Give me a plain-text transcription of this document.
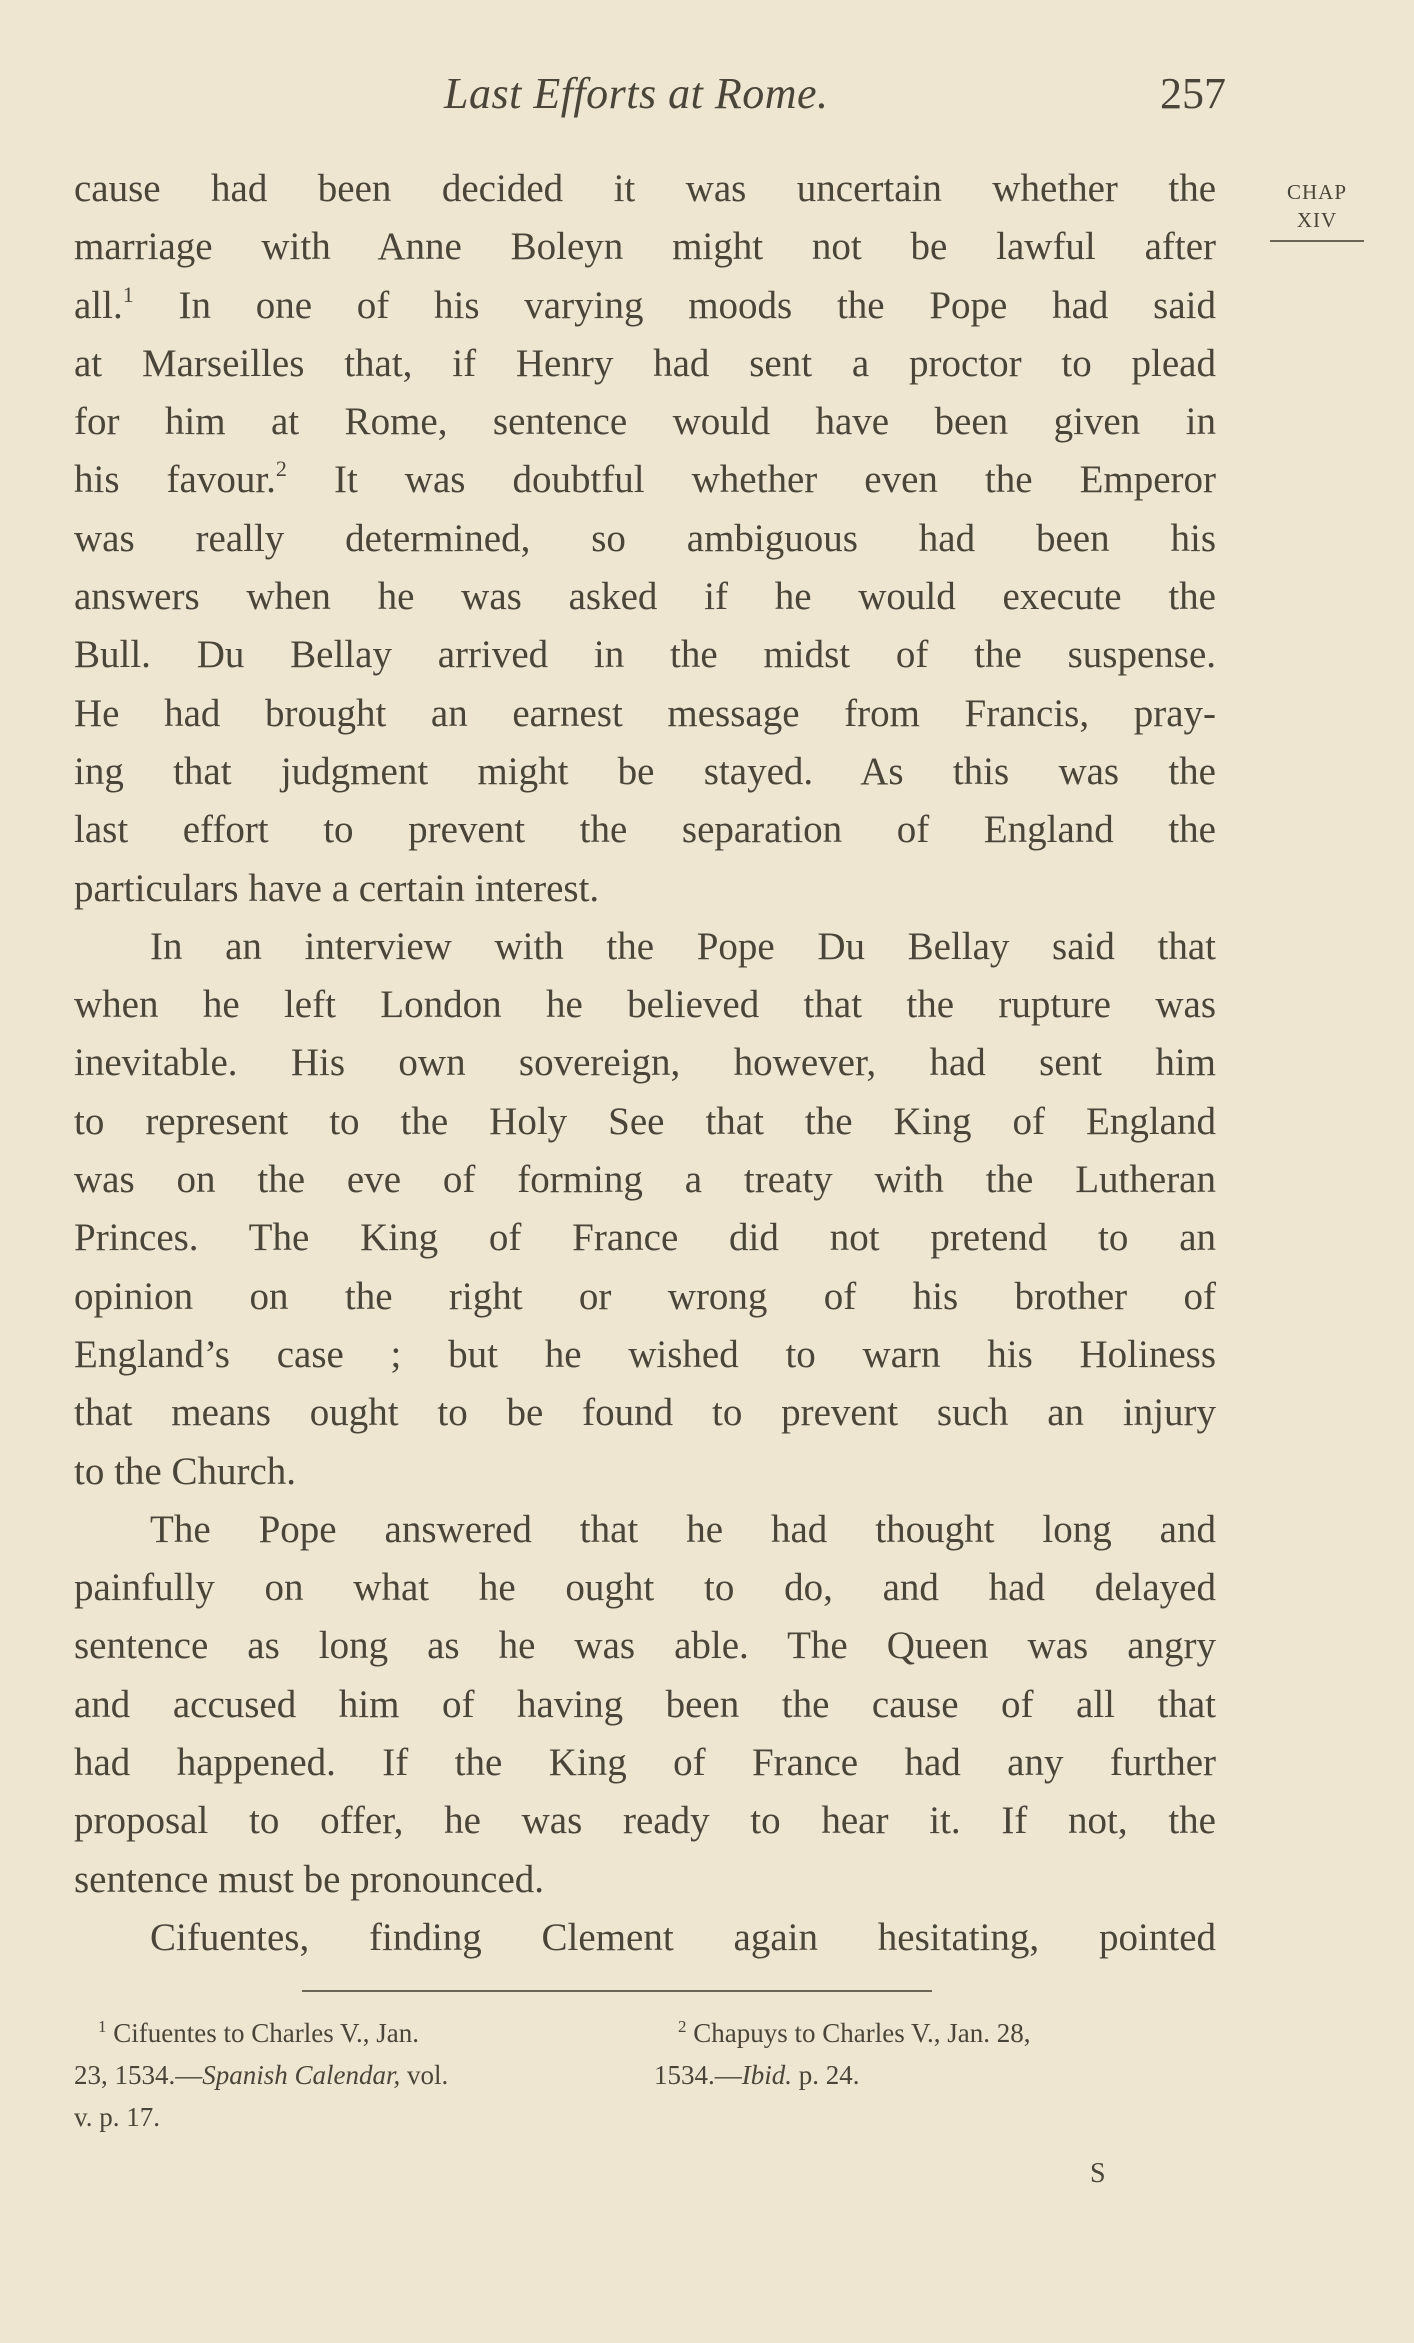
Last Efforts at Rome.	257
CHAP
XIV

cause had been decided it was uncertain whether the
marriage with Anne Boleyn might not be lawful after
all.$^1$ In one of his varying moods the Pope had said
at Marseilles that, if Henry had sent a proctor to plead
for him at Rome, sentence would have been given in
his favour.$^2$ It was doubtful whether even the Emperor
was really determined, so ambiguous had been his
answers when he was asked if he would execute the
Bull. Du Bellay arrived in the midst of the suspense.
He had brought an earnest message from Francis, pray-
ing that judgment might be stayed. As this was the
last effort to prevent the separation of England the
particulars have a certain interest.

In an interview with the Pope Du Bellay said that
when he left London he believed that the rupture was
inevitable. His own sovereign, however, had sent him
to represent to the Holy See that the King of England
was on the eve of forming a treaty with the Lutheran
Princes. The King of France did not pretend to an
opinion on the right or wrong of his brother of
England’s case ; but he wished to warn his Holiness
that means ought to be found to prevent such an injury
to the Church.

The Pope answered that he had thought long and
painfully on what he ought to do, and had delayed
sentence as long as he was able. The Queen was angry
and accused him of having been the cause of all that
had happened. If the King of France had any further
proposal to offer, he was ready to hear it. If not, the
sentence must be pronounced.

Cifuentes, finding Clement again hesitating, pointed

$^1$ Cifuentes to Charles V., Jan.
23, 1534.—Spanish Calendar, vol.
v. p. 17.
$^2$ Chapuys to Charles V., Jan. 28,
1534.—Ibid. p. 24.
S
